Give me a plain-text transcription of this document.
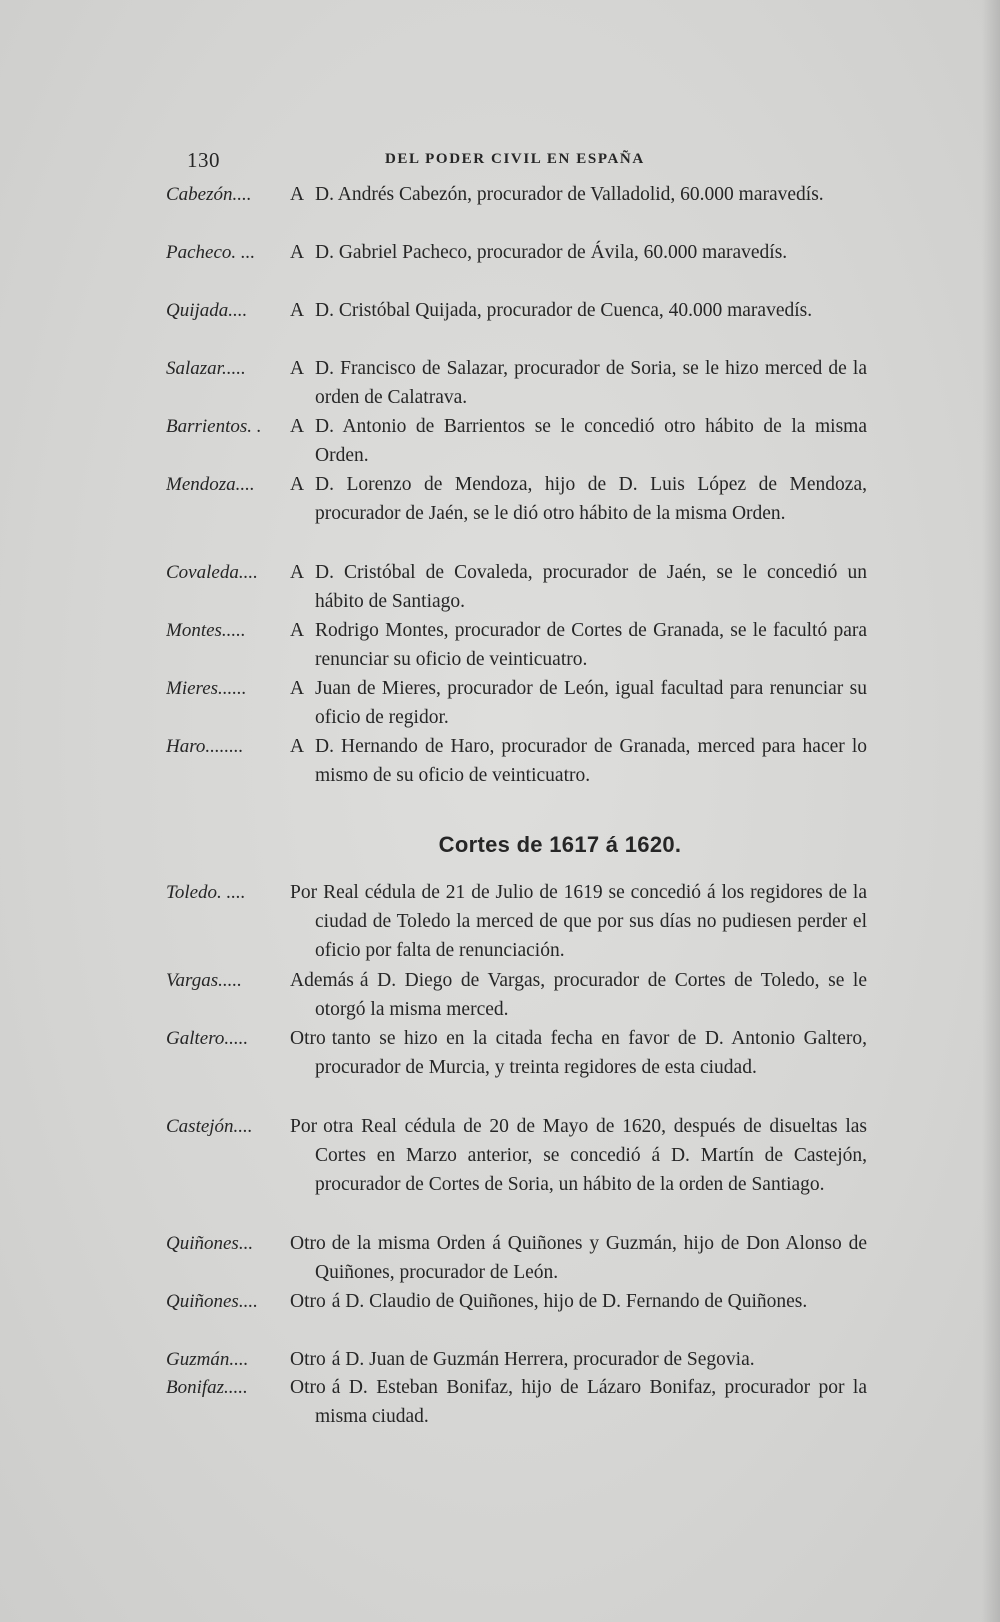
130	DEL PODER CIVIL EN ESPAÑA
Cabezón....	A D. Andrés Cabezón, procurador de Valladolid, 60.000 maravedís.
Pacheco. ...	A D. Gabriel Pacheco, procurador de Ávila, 60.000 maravedís.
Quijada....	A D. Cristóbal Quijada, procurador de Cuenca, 40.000 maravedís.
Salazar.....	A D. Francisco de Salazar, procurador de Soria, se le hizo merced de la orden de Calatrava.
Barrientos. .	A D. Antonio de Barrientos se le concedió otro hábito de la misma Orden.
Mendoza....	A D. Lorenzo de Mendoza, hijo de D. Luis López de Mendoza, procurador de Jaén, se le dió otro hábito de la misma Orden.
Covaleda....	A D. Cristóbal de Covaleda, procurador de Jaén, se le concedió un hábito de Santiago.
Montes.....	A Rodrigo Montes, procurador de Cortes de Granada, se le facultó para renunciar su oficio de veinticuatro.
Mieres......	A Juan de Mieres, procurador de León, igual facultad para renunciar su oficio de regidor.
Haro........	A D. Hernando de Haro, procurador de Granada, merced para hacer lo mismo de su oficio de veinticuatro.
Cortes de 1617 á 1620.
Toledo. ....	Por Real cédula de 21 de Julio de 1619 se concedió á los regidores de la ciudad de Toledo la merced de que por sus días no pudiesen perder el oficio por falta de renunciación.
Vargas.....	Además á D. Diego de Vargas, procurador de Cortes de Toledo, se le otorgó la misma merced.
Galtero.....	Otro tanto se hizo en la citada fecha en favor de D. Antonio Galtero, procurador de Murcia, y treinta regidores de esta ciudad.
Castejón....	Por otra Real cédula de 20 de Mayo de 1620, después de disueltas las Cortes en Marzo anterior, se concedió á D. Martín de Castejón, procurador de Cortes de Soria, un hábito de la orden de Santiago.
Quiñones...	Otro de la misma Orden á Quiñones y Guzmán, hijo de Don Alonso de Quiñones, procurador de León.
Quiñones....	Otro á D. Claudio de Quiñones, hijo de D. Fernando de Quiñones.
Guzmán....	Otro á D. Juan de Guzmán Herrera, procurador de Segovia.
Bonifaz.....	Otro á D. Esteban Bonifaz, hijo de Lázaro Bonifaz, procurador por la misma ciudad.
